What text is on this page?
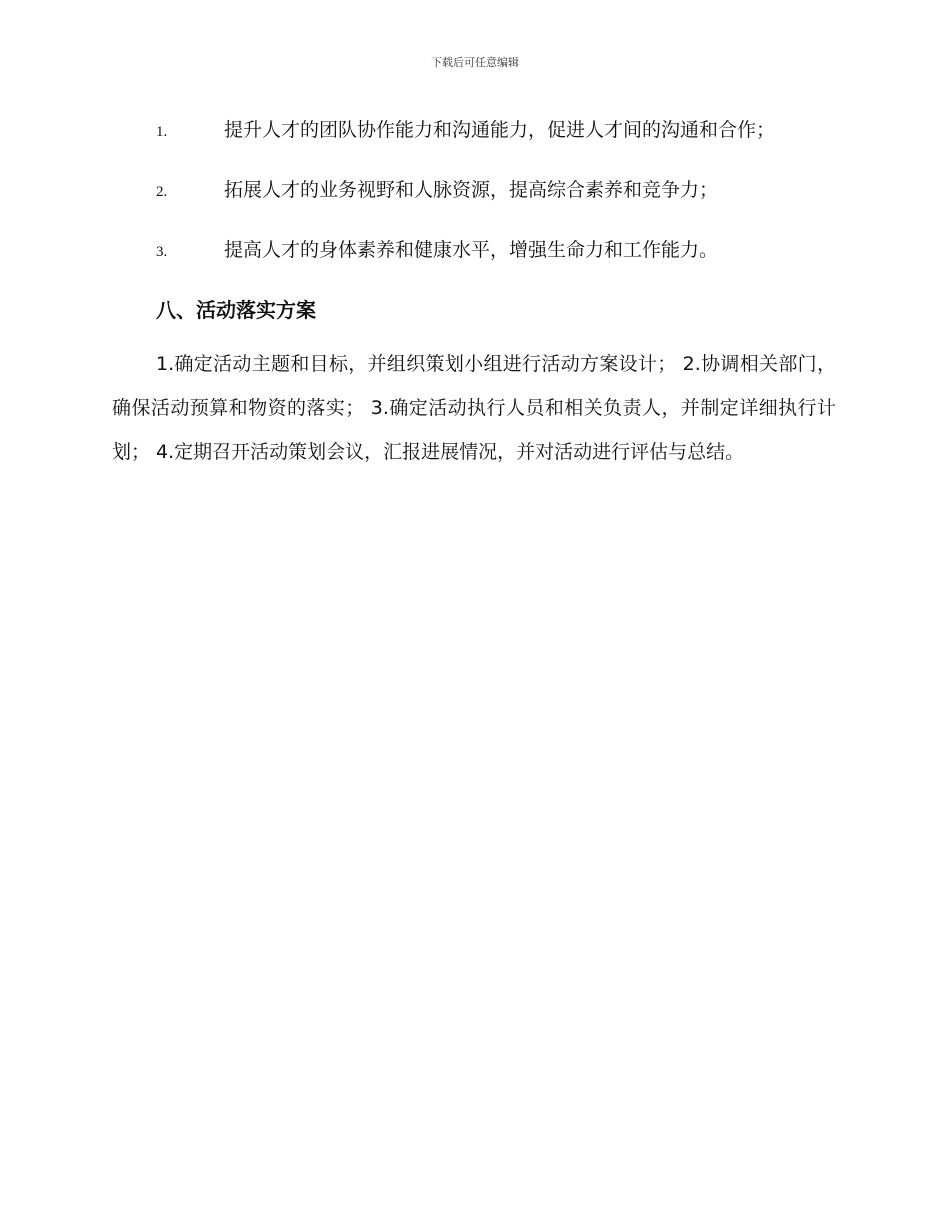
下载后可任意编辑
1.	提升人才的团队协作能力和沟通能力，促进人才间的沟通和合作；
2.	拓展人才的业务视野和人脉资源，提高综合素养和竞争力；
3.	提高人才的身体素养和健康水平，增强生命力和工作能力。
八、活动落实方案

1.确定活动主题和目标，并组织策划小组进行活动方案设计； 2.协调相关部门，确保活动预算和物资的落实； 3.确定活动执行人员和相关负责人，并制定详细执行计划； 4.定期召开活动策划会议，汇报进展情况，并对活动进行评估与总结。
